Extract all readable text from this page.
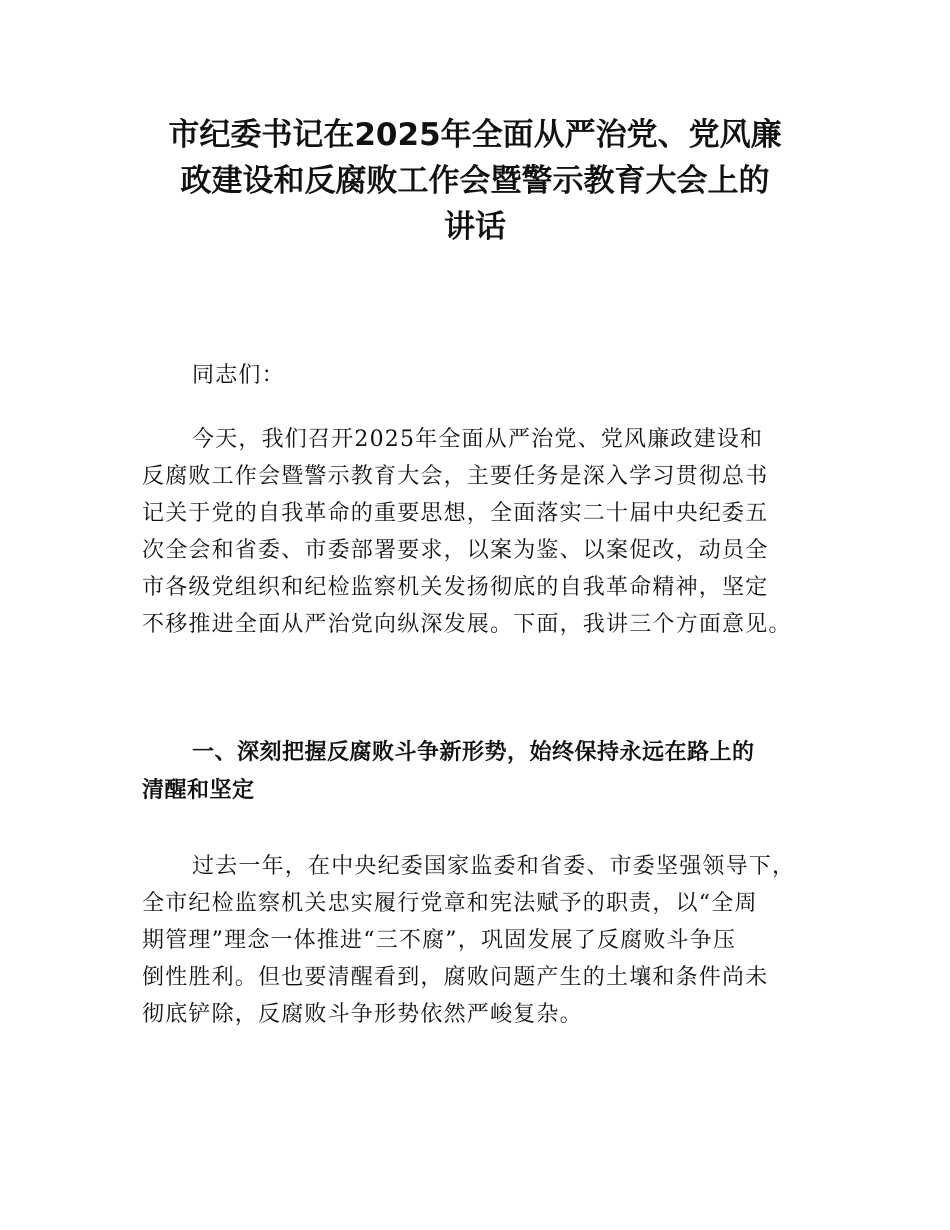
市纪委书记在2025年全面从严治党、党风廉
政建设和反腐败工作会暨警示教育大会上的
讲话
同志们：
今天，我们召开2025年全面从严治党、党风廉政建设和
反腐败工作会暨警示教育大会，主要任务是深入学习贯彻总书
记关于党的自我革命的重要思想，全面落实二十届中央纪委五
次全会和省委、市委部署要求，以案为鉴、以案促改，动员全
市各级党组织和纪检监察机关发扬彻底的自我革命精神，坚定
不移推进全面从严治党向纵深发展。下面，我讲三个方面意见。
一、深刻把握反腐败斗争新形势，始终保持永远在路上的
清醒和坚定
过去一年，在中央纪委国家监委和省委、市委坚强领导下，
全市纪检监察机关忠实履行党章和宪法赋予的职责，以“全周
期管理”理念一体推进“三不腐”，巩固发展了反腐败斗争压
倒性胜利。但也要清醒看到，腐败问题产生的土壤和条件尚未
彻底铲除，反腐败斗争形势依然严峻复杂。
